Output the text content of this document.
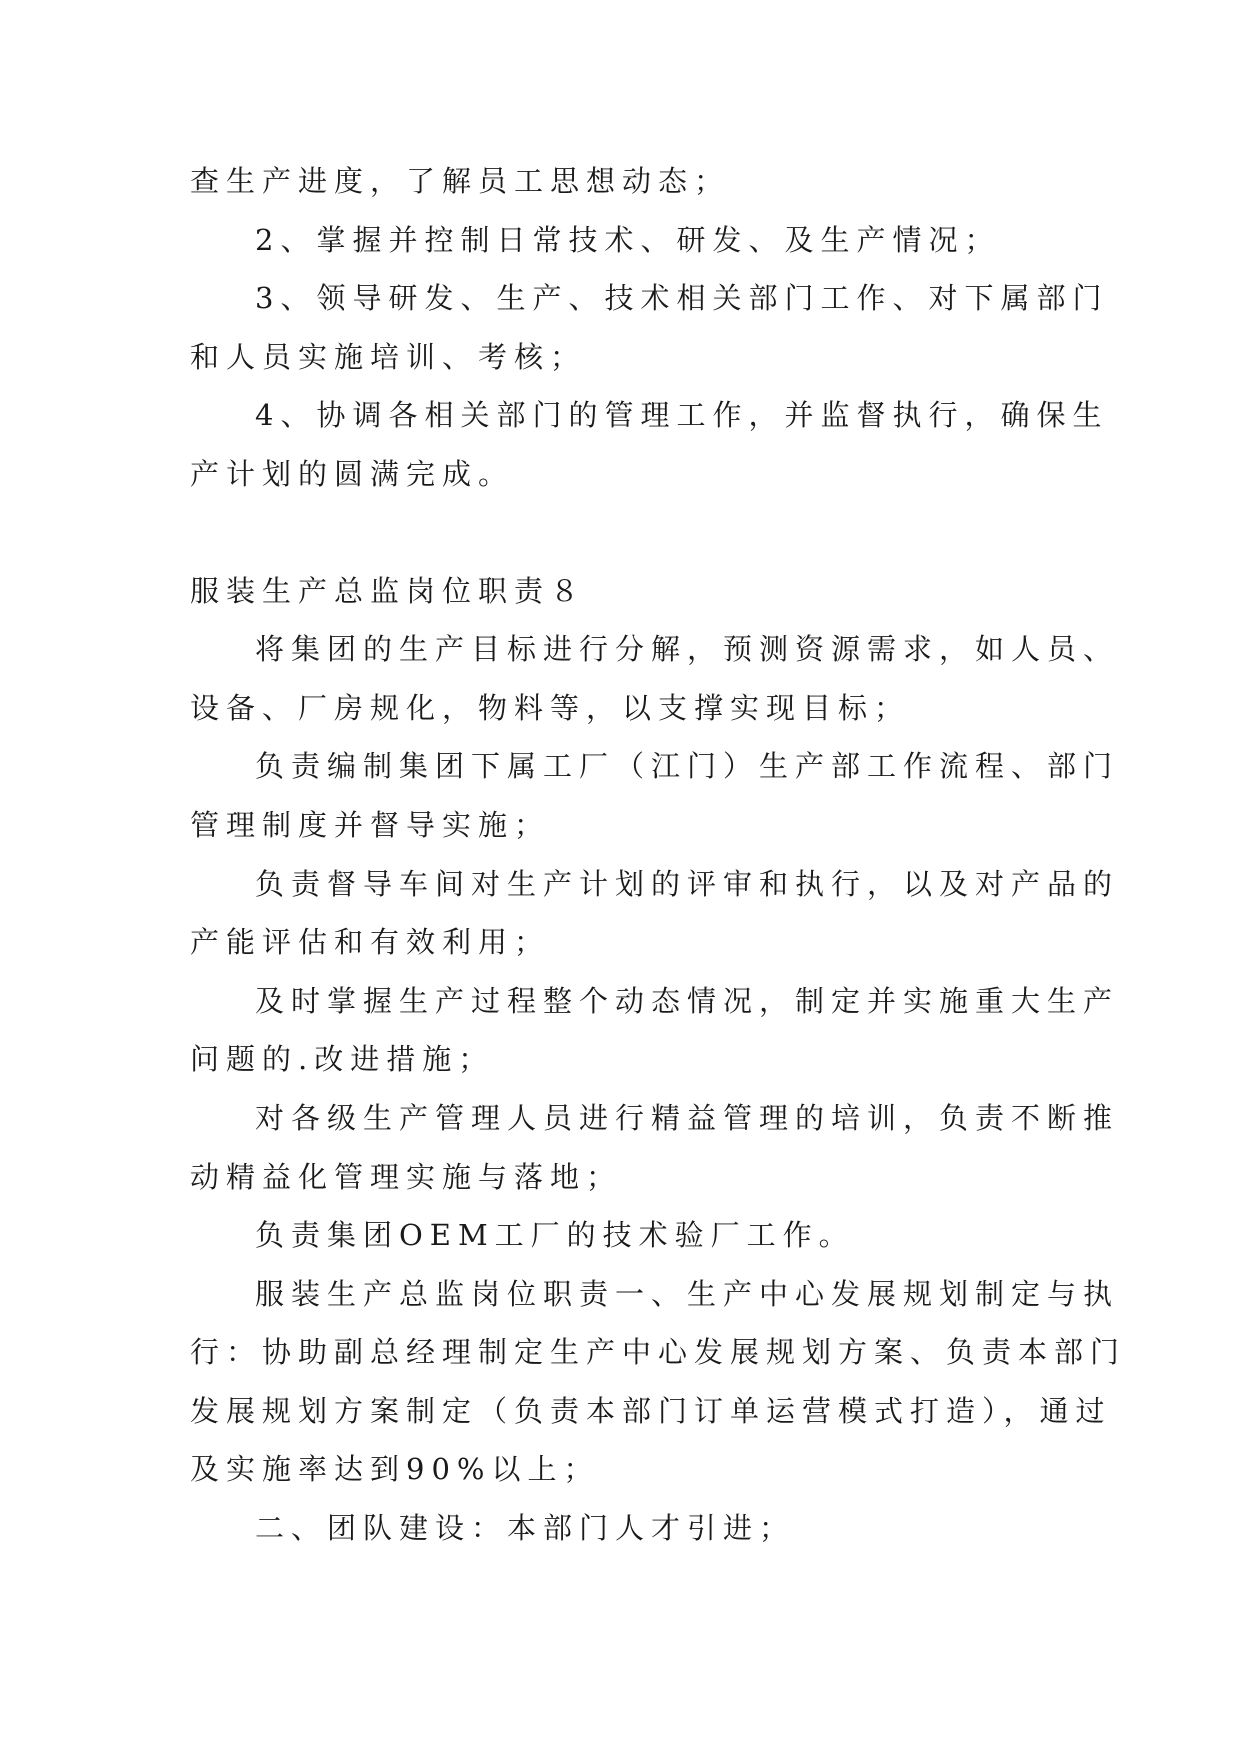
查生产进度，了解员工思想动态；

2、掌握并控制日常技术、研发、及生产情况；

3、领导研发、生产、技术相关部门工作、对下属部门

和人员实施培训、考核；

4、协调各相关部门的管理工作，并监督执行，确保生

产计划的圆满完成。

服装生产总监岗位职责８

将集团的生产目标进行分解，预测资源需求，如人员、

设备、厂房规化，物料等，以支撑实现目标；

负责编制集团下属工厂（江门）生产部工作流程、部门

管理制度并督导实施；

负责督导车间对生产计划的评审和执行，以及对产品的

产能评估和有效利用；

及时掌握生产过程整个动态情况，制定并实施重大生产

问题的.改进措施；

对各级生产管理人员进行精益管理的培训，负责不断推

动精益化管理实施与落地；

负责集团OEM工厂的技术验厂工作。

服装生产总监岗位职责一、生产中心发展规划制定与执

行：协助副总经理制定生产中心发展规划方案、负责本部门

发展规划方案制定（负责本部门订单运营模式打造），通过

及实施率达到90%以上；

二、团队建设：本部门人才引进；
